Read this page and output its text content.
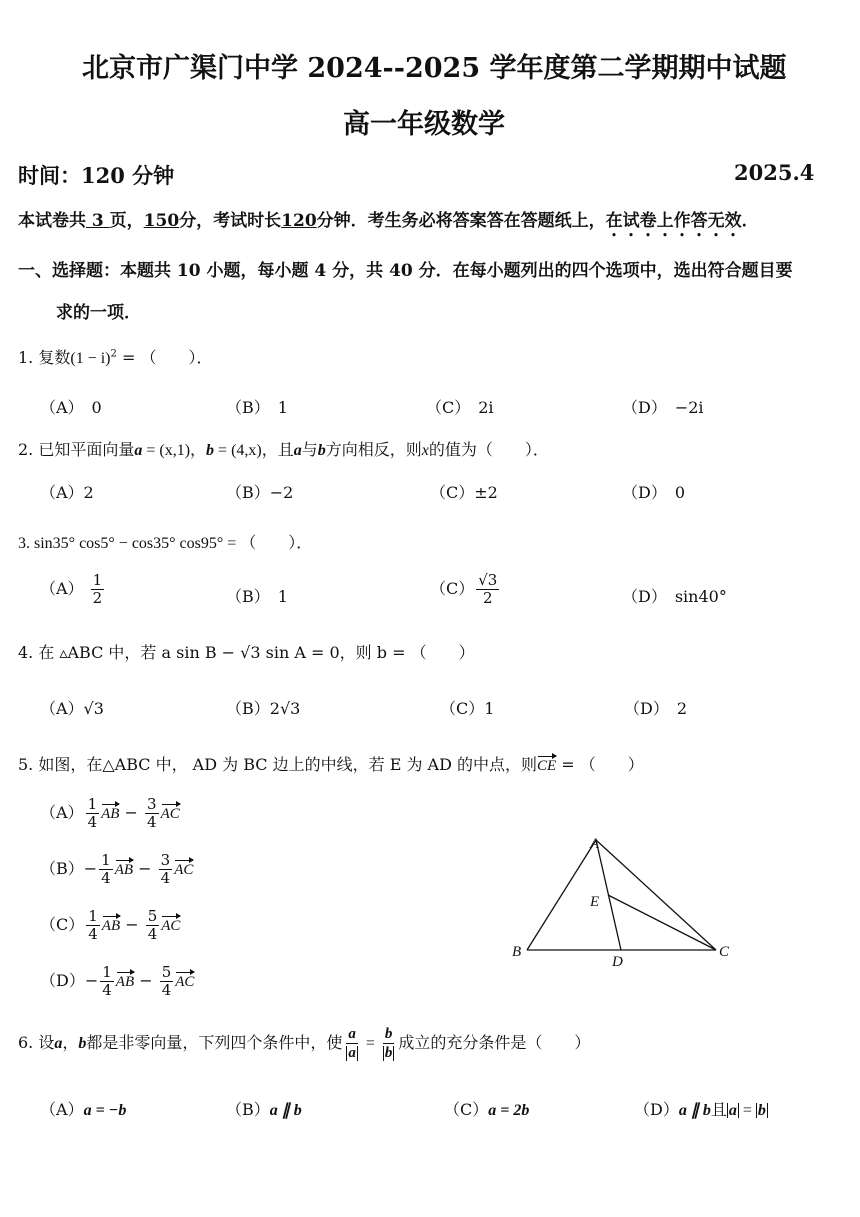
北京市广渠门中学 2024--2025 学年度第二学期期中试题
高一年级数学
时间：120 分钟	2025.4
本试卷共 3 页，150分，考试时长120分钟．考生务必将答案答在答题纸上，在试卷上作答无效．
一、选择题：本题共 10 小题，每小题 4 分，共 40 分．在每小题列出的四个选项中，选出符合题目要
求的一项．
1. 复数$(1 - i)^2$ = （　　）．
（A）　0	（B）　1	（C）　2i	（D）　−2i
2. 已知平面向量a = (x,1)，b = (4,x)，且a与b方向相反，则x的值为（　　）．
（A）2	（B）−2	（C）±2	（D）　0
3. sin35° cos5° − cos35° cos95° = （　　）．
$(A) \frac{1}{2}$	（B）　1	$(C) \frac{√3}{2}$	（D）　sin40°
4. 在 ▵ABC 中，若 a sin B − √3 sin A = 0，则 b = （　　）
（A）√3	（B）2√3	（C）1	（D）　2
5. 如图，在△ABC 中， AD 为 BC 边上的中线，若 E 为 AD 的中点，则CE = （　　）
$(A) \frac{1}{4}$ AB − $\frac{3}{4}$ AC
$(B)- \frac{1}{4}$ AB − $\frac{3}{4}$ AC
$(C) \frac{1}{4}$ AB − $\frac{5}{4}$ AC
$(D)- \frac{1}{4}$ AB − $\frac{5}{4}$ AC
A
B	C
D
E
6. 设a，b都是非零向量，下列四个条件中，使 $\frac{a}{a} = \frac{b}{b}$ 成立的充分条件是（　　）
（A）a = −b	（B）a ∥ b	（C）a = 2b	（D）a ∥ b且 a = b
